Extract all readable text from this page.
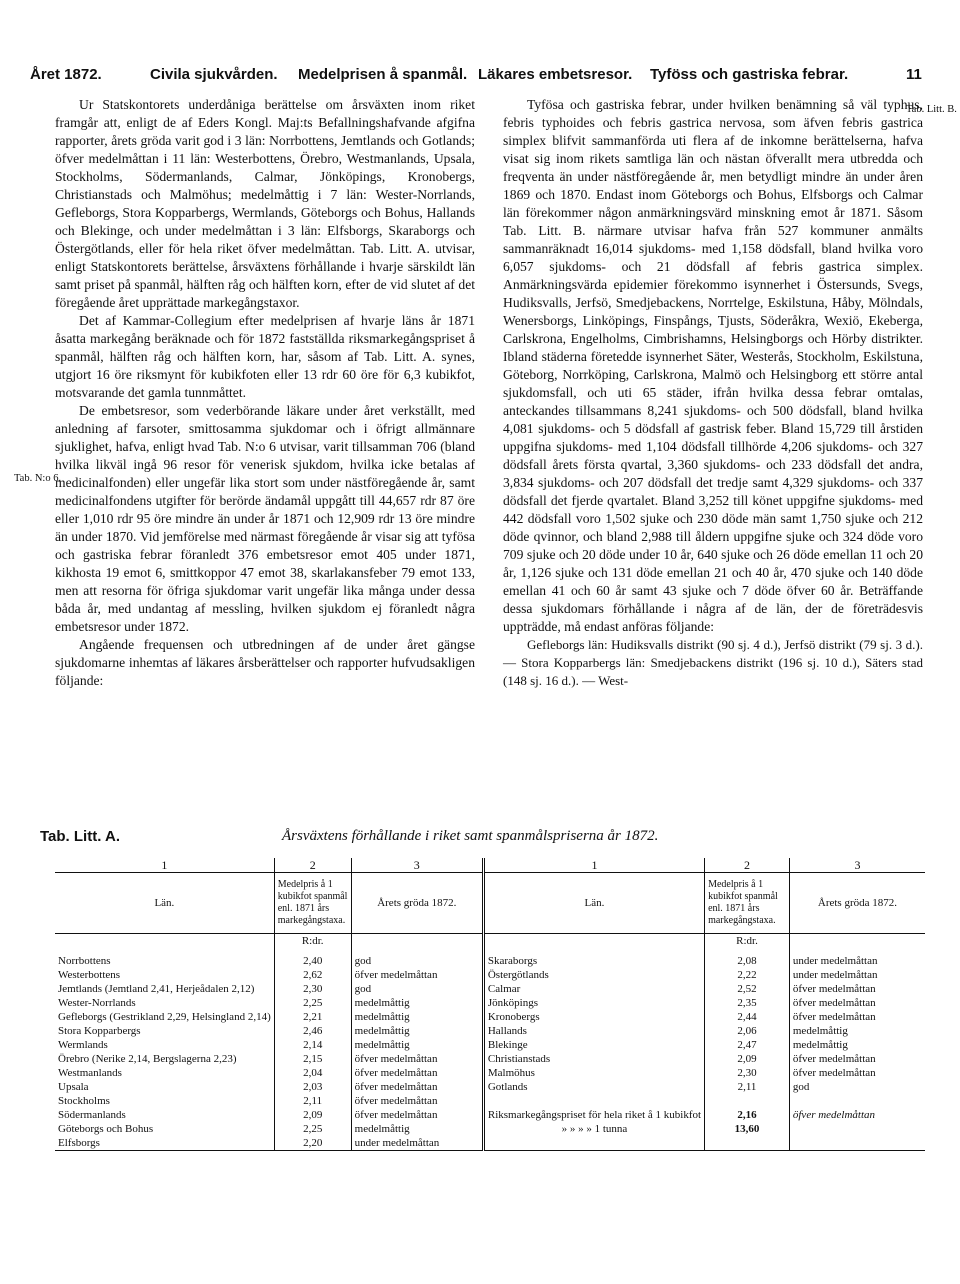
Året 1872.	Civila sjukvården. Medelprisen å spanmål. Läkares embetsresor. Tyföss och gastriska febrar.	11

Ur Statskontorets underdåniga berättelse om årsväxten inom riket framgår att, enligt de af Eders Kongl. Maj:ts Befallningshafvande afgifna rapporter, årets gröda varit god i 3 län: Norrbottens, Jemtlands och Gotlands; öfver medelmåttan i 11 län: Westerbottens, Örebro, Westmanlands, Upsala, Stockholms, Södermanlands, Calmar, Jönköpings, Kronobergs, Christianstads och Malmöhus; medelmåttig i 7 län: Wester-Norrlands, Gefleborgs, Stora Kopparbergs, Wermlands, Göteborgs och Bohus, Hallands och Blekinge, och under medelmåttan i 3 län: Elfsborgs, Skaraborgs och Östergötlands, eller för hela riket öfver medelmåttan. Tab. Litt. A. utvisar, enligt Statskontorets berättelse, årsväxtens förhållande i hvarje särskildt län samt priset på spanmål, hälften råg och hälften korn, efter de vid slutet af det föregående året upprättade markegångstaxor.

Det af Kammar-Collegium efter medelprisen af hvarje läns år 1871 åsatta markegång beräknade och för 1872 fastställda riksmarkegångspriset å spanmål, hälften råg och hälften korn, har, såsom af Tab. Litt. A. synes, utgjort 16 öre riksmynt för kubikfoten eller 13 rdr 60 öre för 6,3 kubikfot, motsvarande det gamla tunnmåttet.

De embetsresor, som vederbörande läkare under året verkställt, med anledning af farsoter, smittosamma sjukdomar och i öfrigt allmännare sjuklighet, hafva, enligt hvad Tab. N:o 6 utvisar, varit tillsamman 706 (bland hvilka likväl ingå 96 resor för venerisk sjukdom, hvilka icke betalas af medicinalfonden) eller ungefär lika stort som under nästföregående år, samt medicinalfondens utgifter för berörde ändamål uppgått till 44,657 rdr 87 öre eller 1,010 rdr 95 öre mindre än under år 1871 och 12,909 rdr 13 öre mindre än under 1870. Vid jemförelse med närmast föregående år visar sig att tyfösa och gastriska febrar föranledt 376 embetsresor emot 405 under 1871, kikhosta 19 emot 6, smittkoppor 47 emot 38, skarlakansfeber 79 emot 133, men att resorna för öfriga sjukdomar varit ungefär lika många under dessa båda år, med undantag af messling, hvilken sjukdom ej föranledt några embetsresor under 1872.

Angående frequensen och utbredningen af de under året gängse sjukdomarne inhemtas af läkares årsberättelser och rapporter hufvudsakligen följande:

Tab. N:o 6.

Tyfösa och gastriska febrar, under hvilken benämning så väl typhus, febris typhoides och febris gastrica nervosa, som äfven febris gastrica simplex blifvit sammanförda uti flera af de inkomne berättelserna, hafva visat sig inom rikets samtliga län och nästan öfverallt mera utbredda och freqventa än under nästföregående år, men betydligt mindre än under åren 1869 och 1870. Endast inom Göteborgs och Bohus, Elfsborgs och Calmar län förekommer någon anmärkningsvärd minskning emot år 1871. Såsom Tab. Litt. B. närmare utvisar hafva från 527 kommuner anmälts sammanräknadt 16,014 sjukdoms- med 1,158 dödsfall, bland hvilka voro 6,057 sjukdoms- och 21 dödsfall af febris gastrica simplex. Anmärkningsvärda epidemier förekommo isynnerhet i Östersunds, Svegs, Hudiksvalls, Jerfsö, Smedjebackens, Norrtelge, Eskilstuna, Håby, Mölndals, Wenersborgs, Linköpings, Finspångs, Tjusts, Söderåkra, Wexiö, Ekeberga, Carlskrona, Engelholms, Cimbrishamns, Helsingborgs och Hörby distrikter. Ibland städerna företedde isynnerhet Säter, Westerås, Stockholm, Eskilstuna, Göteborg, Norrköping, Carlskrona, Malmö och Helsingborg ett större antal sjukdomsfall, och uti 65 städer, ifrån hvilka dessa febrar omtalas, anteckandes tillsammans 8,241 sjukdoms- och 500 dödsfall, bland hvilka 4,081 sjukdoms- och 5 dödsfall af gastrisk feber. Bland 15,729 till årstiden uppgifna sjukdoms- med 1,104 dödsfall tillhörde 4,206 sjukdoms- och 327 dödsfall årets första qvartal, 3,360 sjukdoms- och 233 dödsfall det andra, 3,834 sjukdoms- och 207 dödsfall det tredje samt 4,329 sjukdoms- och 337 dödsfall det fjerde qvartalet. Bland 3,252 till könet uppgifne sjukdoms- med 442 dödsfall voro 1,502 sjuke och 230 döde män samt 1,750 sjuke och 212 döde qvinnor, och bland 2,988 till åldern uppgifne sjuke och 324 döde voro 709 sjuke och 20 döde under 10 år, 640 sjuke och 26 döde emellan 11 och 20 år, 1,126 sjuke och 131 döde emellan 21 och 40 år, 470 sjuke och 140 döde emellan 41 och 60 år samt 43 sjuke och 7 döde öfver 60 år. Beträffande dessa sjukdomars förhållande i några af de län, der de företrädesvis uppträdde, må endast anföras följande:

Gefleborgs län: Hudiksvalls distrikt (90 sj. 4 d.), Jerfsö distrikt (79 sj. 3 d.). — Stora Kopparbergs län: Smedjebackens distrikt (196 sj. 10 d.), Säters stad (148 sj. 16 d.). — West-

Tab. Litt. B.
Tab. Litt. A.	Årsväxtens förhållande i riket samt spanmålspriserna år 1872.
1	2	3	1	2	3
Län.	Medelpris å 1 kubikfot spanmål enl. 1871 års markegångstaxa.	Årets gröda 1872.	Län.	Medelpris å 1 kubikfot spanmål enl. 1871 års markegångstaxa.	Årets gröda 1872.
	R:dr.			R:dr.	
Norrbottens	2,40	god	Skaraborgs	2,08	under medelmåttan
Westerbottens	2,62	öfver medelmåttan	Östergötlands	2,22	under medelmåttan
Jemtlands (Jemtland 2,41, Herjeådalen 2,12)	2,30	god	Calmar	2,52	öfver medelmåttan
Wester-Norrlands	2,25	medelmåttig	Jönköpings	2,35	öfver medelmåttan
Gefleborgs (Gestrikland 2,29, Helsingland 2,14)	2,21	medelmåttig	Kronobergs	2,44	öfver medelmåttan
Stora Kopparbergs	2,46	medelmåttig	Hallands	2,06	medelmåttig
Wermlands	2,14	medelmåttig	Blekinge	2,47	medelmåttig
Örebro (Nerike 2,14, Bergslagerna 2,23)	2,15	öfver medelmåttan	Christianstads	2,09	öfver medelmåttan
Westmanlands	2,04	öfver medelmåttan	Malmöhus	2,30	öfver medelmåttan
Upsala	2,03	öfver medelmåttan	Gotlands	2,11	god
Stockholms	2,11	öfver medelmåttan			
Södermanlands	2,09	öfver medelmåttan	Riksmarkegångspriset för hela riket å 1 kubikfot	2,16	öfver medelmåttan
Göteborgs och Bohus	2,25	medelmåttig	» » » » 1 tunna	13,60	
Elfsborgs	2,20	under medelmåttan			
